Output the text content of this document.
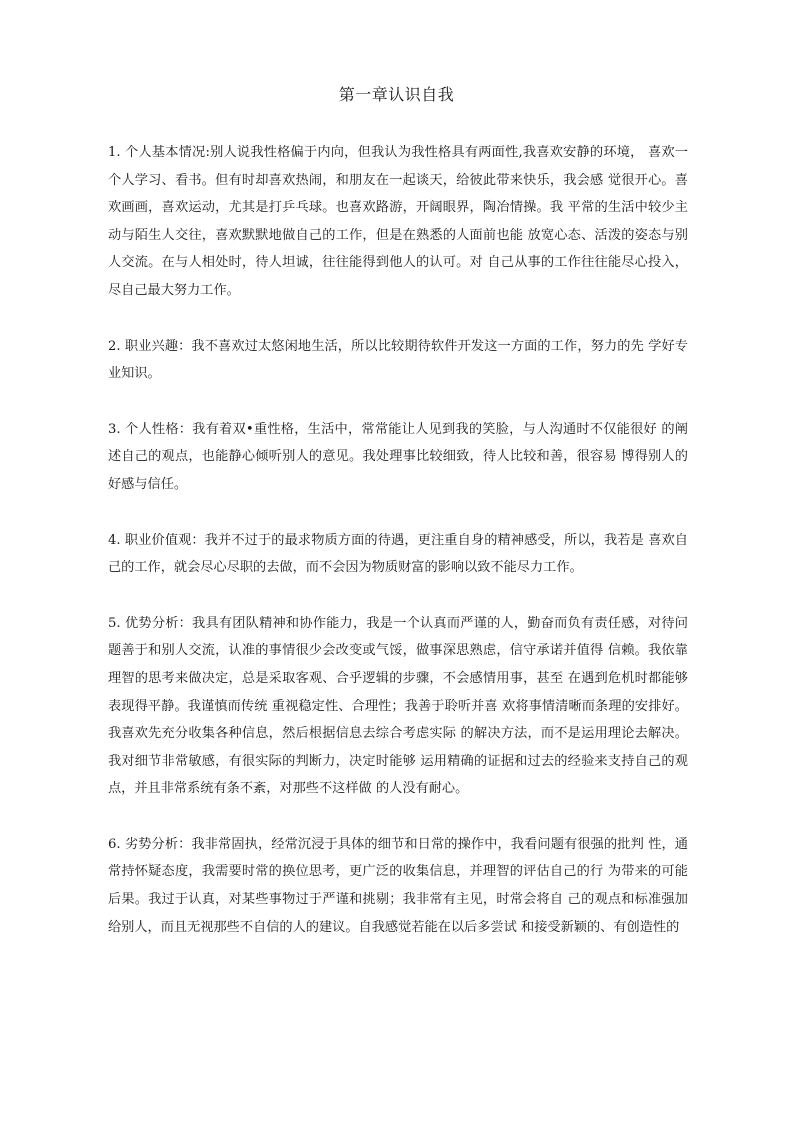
第一章认识自我

1. 个人基本情况:别人说我性格偏于内向，但我认为我性格具有两面性,我喜欢安静的环境， 喜欢一个人学习、看书。但有时却喜欢热闹，和朋友在一起谈天，给彼此带来快乐，我会感 觉很开心。喜欢画画，喜欢运动，尤其是打乒乓球。也喜欢路游，开阔眼界，陶冶情操。我 平常的生活中较少主动与陌生人交往，喜欢默默地做自己的工作，但是在熟悉的人面前也能 放宽心态、活泼的姿态与别人交流。在与人相处时，待人坦诚，往往能得到他人的认可。对 自己从事的工作往往能尽心投入，尽自己最大努力工作。

2. 职业兴趣：我不喜欢过太悠闲地生活，所以比较期待软件开发这一方面的工作，努力的先 学好专业知识。

3. 个人性格：我有着双•重性格，生活中，常常能让人见到我的笑脸，与人沟通时不仅能很好 的阐述自己的观点，也能静心倾听别人的意见。我处理事比较细致，待人比较和善，很容易 博得别人的好感与信任。

4. 职业价值观：我并不过于的最求物质方面的待遇，更注重自身的精神感受，所以，我若是 喜欢自己的工作，就会尽心尽职的去做，而不会因为物质财富的影响以致不能尽力工作。

5. 优势分析：我具有团队精神和协作能力，我是一个认真而严谨的人，勤奋而负有责任感，对待问题善于和别人交流，认准的事情很少会改变或气馁，做事深思熟虑，信守承诺并值得 信赖。我依靠理智的思考来做决定，总是采取客观、合乎逻辑的步骤，不会感情用事，甚至 在遇到危机时都能够表现得平静。我谨慎而传统 重视稳定性、合理性；我善于聆听并喜 欢将事情清晰而条理的安排好。我喜欢先充分收集各种信息，然后根据信息去综合考虑实际 的解决方法，而不是运用理论去解决。我对细节非常敏感，有很实际的判断力，决定时能够 运用精确的证据和过去的经验来支持自己的观点，并且非常系统有条不紊，对那些不这样做 的人没有耐心。

6. 劣势分析：我非常固执，经常沉浸于具体的细节和日常的操作中，我看问题有很强的批判 性，通常持怀疑态度，我需要时常的换位思考，更广泛的收集信息，并理智的评估自己的行 为带来的可能后果。我过于认真，对某些事物过于严谨和挑剔；我非常有主见，时常会将自 己的观点和标准强加给别人，而且无视那些不自信的人的建议。自我感觉若能在以后多尝试 和接受新颖的、有创造性的
